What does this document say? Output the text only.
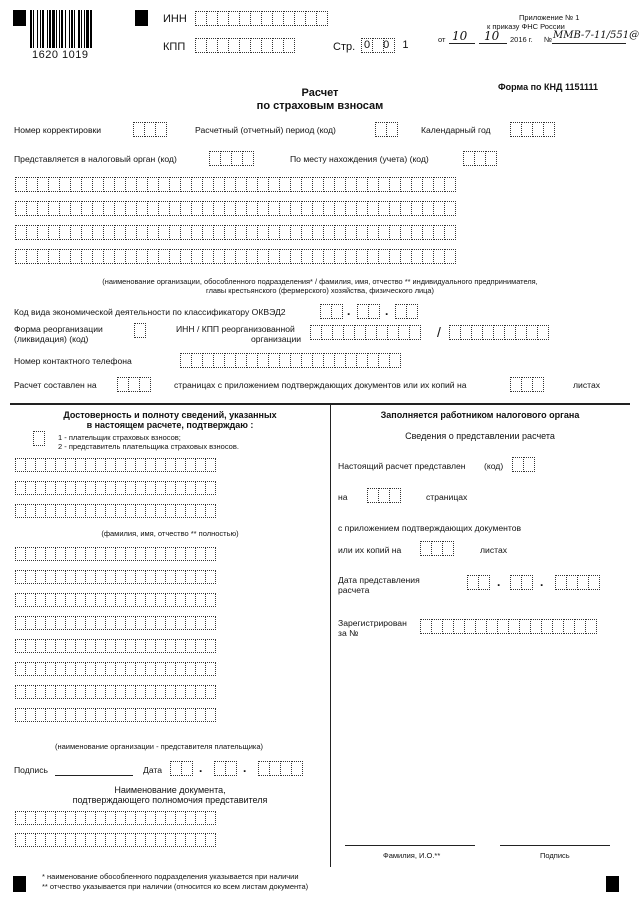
1620 1019
ИНН
КПП	Стр. 0 0 1
Приложение № 1
к приказу ФНС России
от 10 10 2016 г. № ММВ-7-11/551@
Форма по КНД 1151111
Расчет
по страховым взносам
Номер корректировки	Расчетный (отчетный) период (код)	Календарный год
Представляется в налоговый орган (код)	По месту нахождения (учета) (код)
(наименование организации, обособленного подразделения* / фамилия, имя, отчество ** индивидуального предпринимателя,
главы крестьянского (фермерского) хозяйства, физического лица)
Код вида экономической деятельности по классификатору ОКВЭД2	.	.
Форма реорганизации
(ликвидация) (код)
ИНН / КПП реорганизованной
организации	/
Номер контактного телефона
Расчет составлен на	страницах с приложением подтверждающих документов или их копий на	листах
Достоверность и полноту сведений, указанных
в настоящем расчете, подтверждаю :
1 - плательщик страховых взносов;
2 - представитель плательщика страховых взносов.
(фамилия, имя, отчество ** полностью)
(наименование организации - представителя плательщика)
Подпись	Дата	.	.
Наименование документа,
подтверждающего полномочия представителя
Заполняется работником налогового органа
Сведения о представлении расчета
Настоящий расчет представлен (код)
на	страницах
с приложением подтверждающих документов
или их копий на	листах
Дата представления
расчета
.	.
Зарегистрирован
за №
Фамилия, И.О.**	Подпись
* наименование обособленного подразделения указывается при наличии
** отчество указывается при наличии (относится ко всем листам документа)
